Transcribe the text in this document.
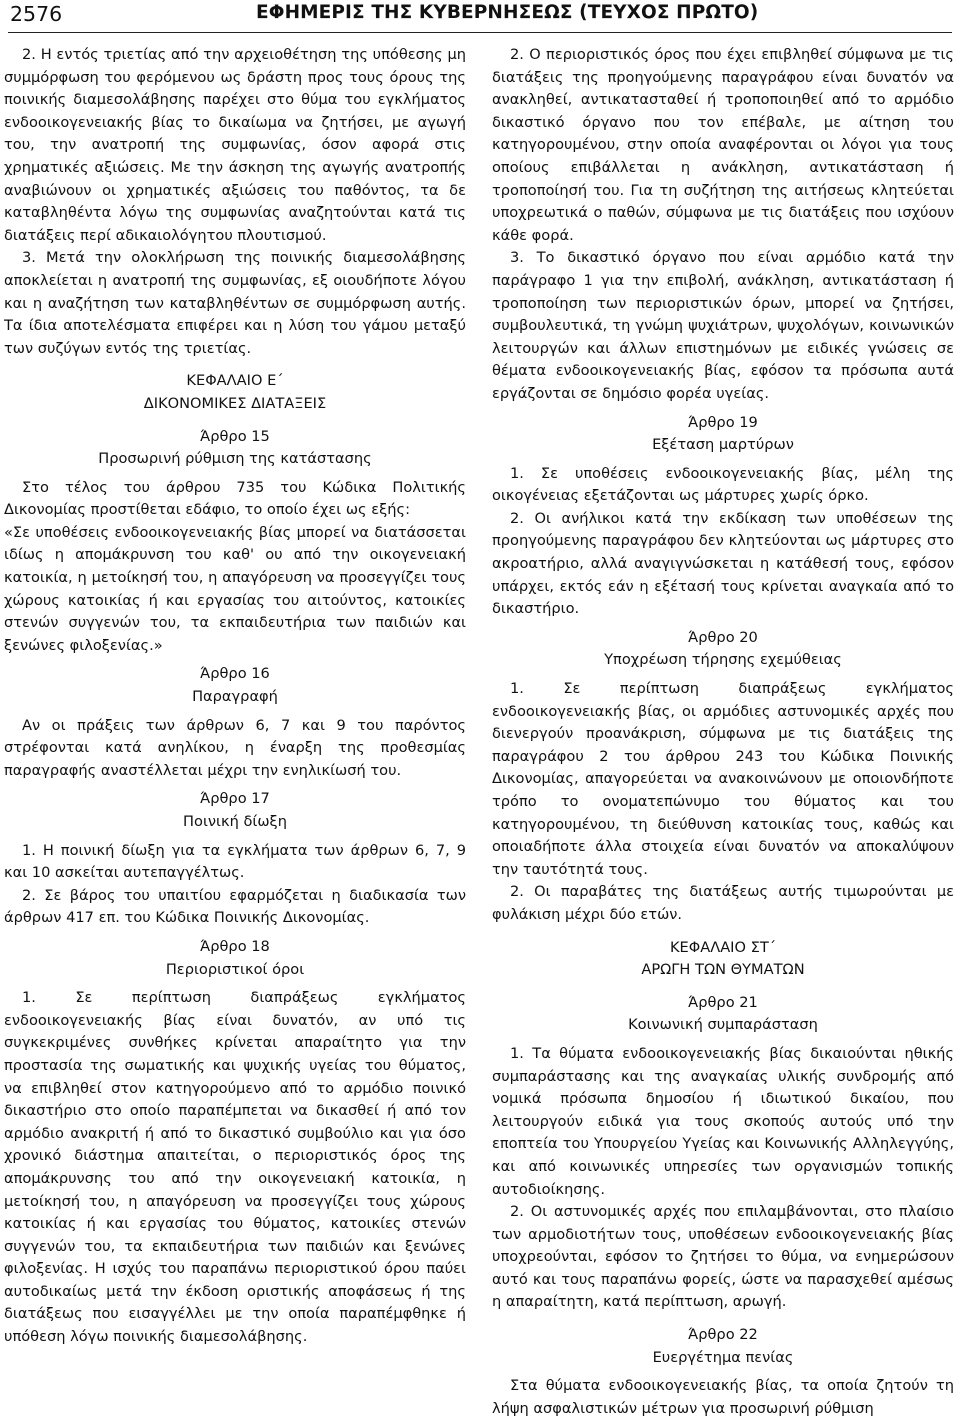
2576	ΕΦΗΜΕΡΙΣ ΤΗΣ ΚΥΒΕΡΝΗΣΕΩΣ (ΤΕΥΧΟΣ ΠΡΩΤΟ)

2. Η εντός τριετίας από την αρχειοθέτηση της υπόθεσης μη συμμόρφωση του φερόμενου ως δράστη προς τους όρους της ποινικής διαμεσολάβησης παρέχει στο θύμα του εγκλήματος ενδοοικογενειακής βίας το δικαίωμα να ζητήσει, με αγωγή του, την ανατροπή της συμφωνίας, όσον αφορά στις χρηματικές αξιώσεις. Με την άσκηση της αγωγής ανατροπής αναβιώνουν οι χρηματικές αξιώσεις του παθόντος, τα δε καταβληθέντα λόγω της συμφωνίας αναζητούνται κατά τις διατάξεις περί αδικαιολόγητου πλουτισμού.

3. Μετά την ολοκλήρωση της ποινικής διαμεσολάβησης αποκλείεται η ανατροπή της συμφωνίας, εξ οιουδήποτε λόγου και η αναζήτηση των καταβληθέντων σε συμμόρφωση αυτής. Τα ίδια αποτελέσματα επιφέρει και η λύση του γάμου μεταξύ των συζύγων εντός της τριετίας.

ΚΕΦΑΛΑΙΟ Ε΄

ΔΙΚΟΝΟΜΙΚΕΣ ΔΙΑΤΑΞΕΙΣ

Άρθρο 15

Προσωρινή ρύθμιση της κατάστασης

Στο τέλος του άρθρου 735 του Κώδικα Πολιτικής Δικονομίας προστίθεται εδάφιο, το οποίο έχει ως εξής:

«Σε υποθέσεις ενδοοικογενειακής βίας μπορεί να διατάσσεται ιδίως η απομάκρυνση του καθ' ου από την οικογενειακή κατοικία, η μετοίκησή του, η απαγόρευση να προσεγγίζει τους χώρους κατοικίας ή και εργασίας του αιτούντος, κατοικίες στενών συγγενών του, τα εκπαιδευτήρια των παιδιών και ξενώνες φιλοξενίας.»

Άρθρο 16

Παραγραφή

Αν οι πράξεις των άρθρων 6, 7 και 9 του παρόντος στρέφονται κατά ανηλίκου, η έναρξη της προθεσμίας παραγραφής αναστέλλεται μέχρι την ενηλικίωσή του.

Άρθρο 17

Ποινική δίωξη

1. Η ποινική δίωξη για τα εγκλήματα των άρθρων 6, 7, 9 και 10 ασκείται αυτεπαγγέλτως.

2. Σε βάρος του υπαιτίου εφαρμόζεται η διαδικασία των άρθρων 417 επ. του Κώδικα Ποινικής Δικονομίας.

Άρθρο 18

Περιοριστικοί όροι

1. Σε περίπτωση διαπράξεως εγκλήματος ενδοοικογενειακής βίας είναι δυνατόν, αν υπό τις συγκεκριμένες συνθήκες κρίνεται απαραίτητο για την προστασία της σωματικής και ψυχικής υγείας του θύματος, να επιβληθεί στον κατηγορούμενο από το αρμόδιο ποινικό δικαστήριο στο οποίο παραπέμπεται να δικασθεί ή από τον αρμόδιο ανακριτή ή από το δικαστικό συμβούλιο και για όσο χρονικό διάστημα απαιτείται, ο περιοριστικός όρος της απομάκρυνσης του από την οικογενειακή κατοικία, η μετοίκησή του, η απαγόρευση να προσεγγίζει τους χώρους κατοικίας ή και εργασίας του θύματος, κατοικίες στενών συγγενών του, τα εκπαιδευτήρια των παιδιών και ξενώνες φιλοξενίας. Η ισχύς του παραπάνω περιοριστικού όρου παύει αυτοδικαίως μετά την έκδοση οριστικής αποφάσεως ή της διατάξεως που εισαγγέλλει με την οποία παραπέμφθηκε ή υπόθεση λόγω ποινικής διαμεσολάβησης.

2. Ο περιοριστικός όρος που έχει επιβληθεί σύμφωνα με τις διατάξεις της προηγούμενης παραγράφου είναι δυνατόν να ανακληθεί, αντικατασταθεί ή τροποποιηθεί από το αρμόδιο δικαστικό όργανο που τον επέβαλε, με αίτηση του κατηγορουμένου, στην οποία αναφέρονται οι λόγοι για τους οποίους επιβάλλεται η ανάκληση, αντικατάσταση ή τροποποίησή του. Για τη συζήτηση της αιτήσεως κλητεύεται υποχρεωτικά ο παθών, σύμφωνα με τις διατάξεις που ισχύουν κάθε φορά.

3. Το δικαστικό όργανο που είναι αρμόδιο κατά την παράγραφο 1 για την επιβολή, ανάκληση, αντικατάσταση ή τροποποίηση των περιοριστικών όρων, μπορεί να ζητήσει, συμβουλευτικά, τη γνώμη ψυχιάτρων, ψυχολόγων, κοινωνικών λειτουργών και άλλων επιστημόνων με ειδικές γνώσεις σε θέματα ενδοοικογενειακής βίας, εφόσον τα πρόσωπα αυτά εργάζονται σε δημόσιο φορέα υγείας.

Άρθρο 19

Εξέταση μαρτύρων

1. Σε υποθέσεις ενδοοικογενειακής βίας, μέλη της οικογένειας εξετάζονται ως μάρτυρες χωρίς όρκο.

2. Οι ανήλικοι κατά την εκδίκαση των υποθέσεων της προηγούμενης παραγράφου δεν κλητεύονται ως μάρτυρες στο ακροατήριο, αλλά αναγιγνώσκεται η κατάθεσή τους, εφόσον υπάρχει, εκτός εάν η εξέτασή τους κρίνεται αναγκαία από το δικαστήριο.

Άρθρο 20

Υποχρέωση τήρησης εχεμύθειας

1. Σε περίπτωση διαπράξεως εγκλήματος ενδοοικογενειακής βίας, οι αρμόδιες αστυνομικές αρχές που διενεργούν προανάκριση, σύμφωνα με τις διατάξεις της παραγράφου 2 του άρθρου 243 του Κώδικα Ποινικής Δικονομίας, απαγορεύεται να ανακοινώνουν με οποιονδήποτε τρόπο το ονοματεπώνυμο του θύματος και του κατηγορουμένου, τη διεύθυνση κατοικίας τους, καθώς και οποιαδήποτε άλλα στοιχεία είναι δυνατόν να αποκαλύψουν την ταυτότητά τους.

2. Οι παραβάτες της διατάξεως αυτής τιμωρούνται με φυλάκιση μέχρι δύο ετών.

ΚΕΦΑΛΑΙΟ ΣΤ΄

ΑΡΩΓΗ ΤΩΝ ΘΥΜΑΤΩΝ

Άρθρο 21

Κοινωνική συμπαράσταση

1. Τα θύματα ενδοοικογενειακής βίας δικαιούνται ηθικής συμπαράστασης και της αναγκαίας υλικής συνδρομής από νομικά πρόσωπα δημοσίου ή ιδιωτικού δικαίου, που λειτουργούν ειδικά για τους σκοπούς αυτούς υπό την εποπτεία του Υπουργείου Υγείας και Κοινωνικής Αλληλεγγύης, και από κοινωνικές υπηρεσίες των οργανισμών τοπικής αυτοδιοίκησης.

2. Οι αστυνομικές αρχές που επιλαμβάνονται, στο πλαίσιο των αρμοδιοτήτων τους, υποθέσεων ενδοοικογενειακής βίας υποχρεούνται, εφόσον το ζητήσει το θύμα, να ενημερώσουν αυτό και τους παραπάνω φορείς, ώστε να παρασχεθεί αμέσως η απαραίτητη, κατά περίπτωση, αρωγή.

Άρθρο 22

Ευεργέτημα πενίας

Στα θύματα ενδοοικογενειακής βίας, τα οποία ζητούν τη λήψη ασφαλιστικών μέτρων για προσωρινή ρύθμιση
